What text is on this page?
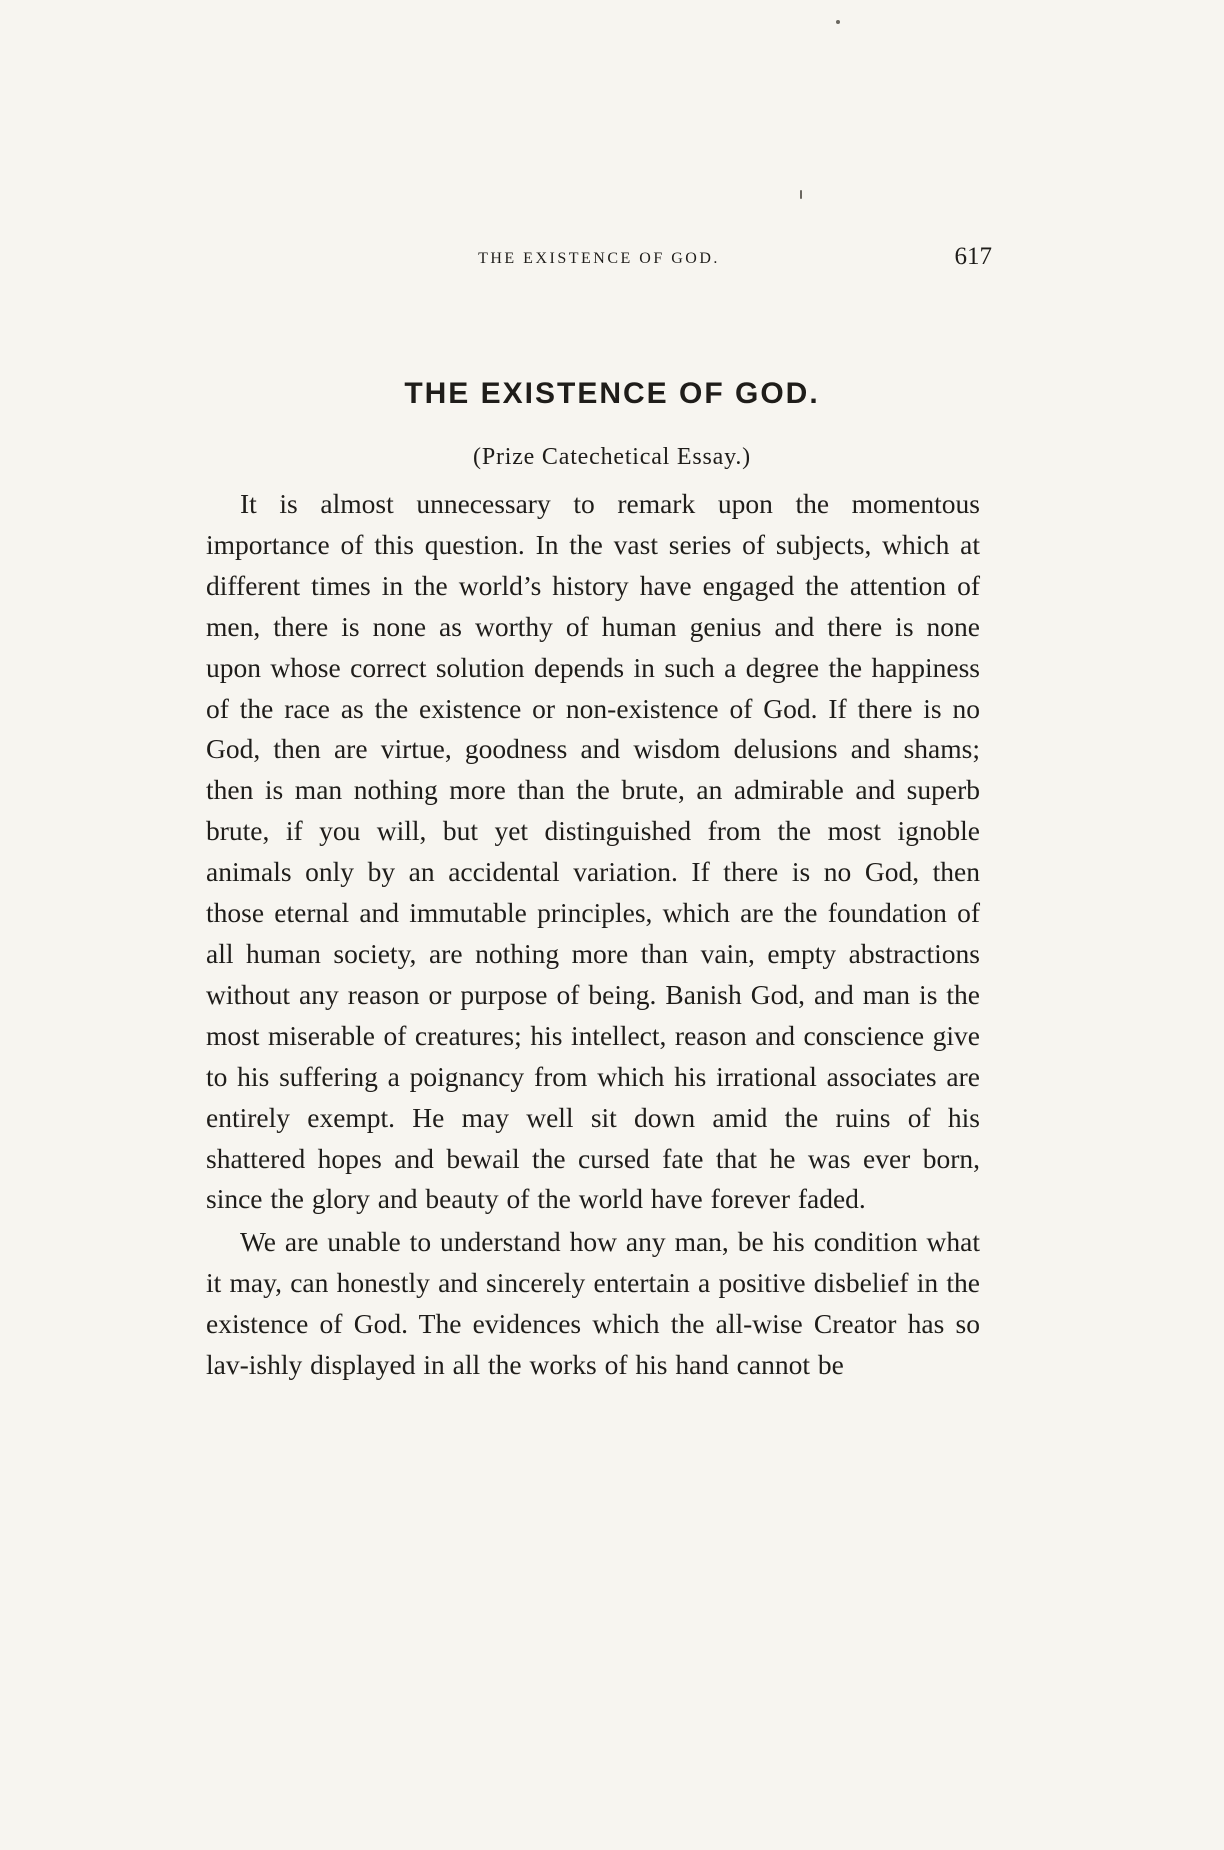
THE EXISTENCE OF GOD.	617
THE EXISTENCE OF GOD.
(Prize Catechetical Essay.)

It is almost unnecessary to remark upon the momentous importance of this question. In the vast series of subjects, which at different times in the world’s history have engaged the attention of men, there is none as worthy of human genius and there is none upon whose correct solution depends in such a degree the happiness of the race as the existence or non-existence of God. If there is no God, then are virtue, goodness and wisdom delusions and shams; then is man nothing more than the brute, an admirable and superb brute, if you will, but yet distinguished from the most ignoble animals only by an accidental variation. If there is no God, then those eternal and immutable principles, which are the foundation of all human society, are nothing more than vain, empty abstractions without any reason or purpose of being. Banish God, and man is the most miserable of creatures; his intellect, reason and conscience give to his suffering a poignancy from which his irrational associates are entirely exempt. He may well sit down amid the ruins of his shattered hopes and bewail the cursed fate that he was ever born, since the glory and beauty of the world have forever faded.

We are unable to understand how any man, be his condition what it may, can honestly and sincerely entertain a positive disbelief in the existence of God. The evidences which the all-wise Creator has so lav-ishly displayed in all the works of his hand cannot be
